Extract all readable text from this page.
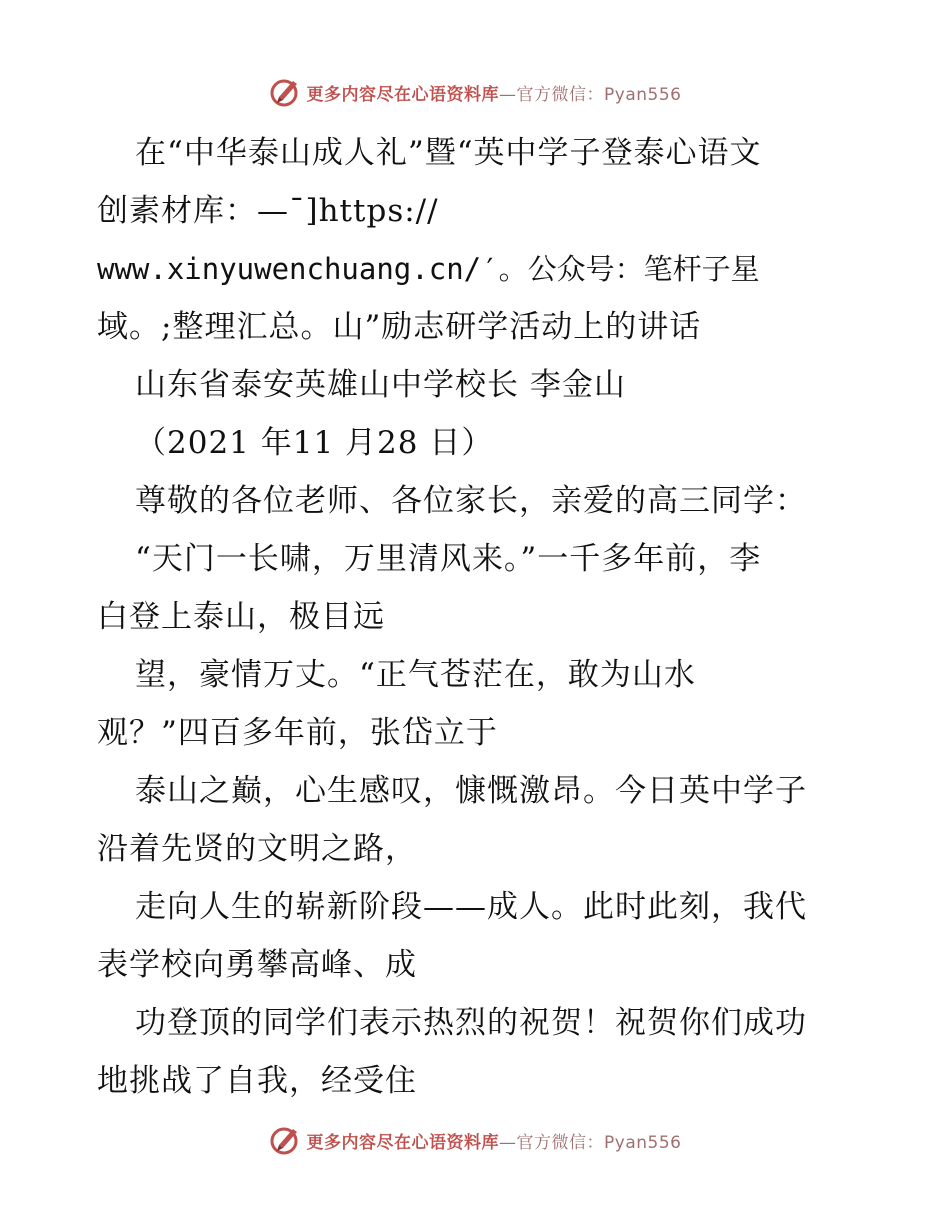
更多内容尽在心语资料库 —官方微信：Pyan556
在“中华泰山成人礼”暨“英中学子登泰心语文
创素材库：—¯]https://
www.xinyuwenchuang.cn/′。公众号：笔杆子星
域。;整理汇总。山”励志研学活动上的讲话
山东省泰安英雄山中学校长 李金山
（2021 年11 月28 日）
尊敬的各位老师、各位家长，亲爱的高三同学：
“天门一长啸，万里清风来。”一千多年前，李
白登上泰山，极目远
望，豪情万丈。“正气苍茫在，敢为山水
观？”四百多年前，张岱立于
泰山之巅，心生感叹，慷慨激昂。今日英中学子
沿着先贤的文明之路，
走向人生的崭新阶段——成人。此时此刻，我代
表学校向勇攀高峰、成
功登顶的同学们表示热烈的祝贺！祝贺你们成功
地挑战了自我，经受住
更多内容尽在心语资料库 —官方微信：Pyan556
